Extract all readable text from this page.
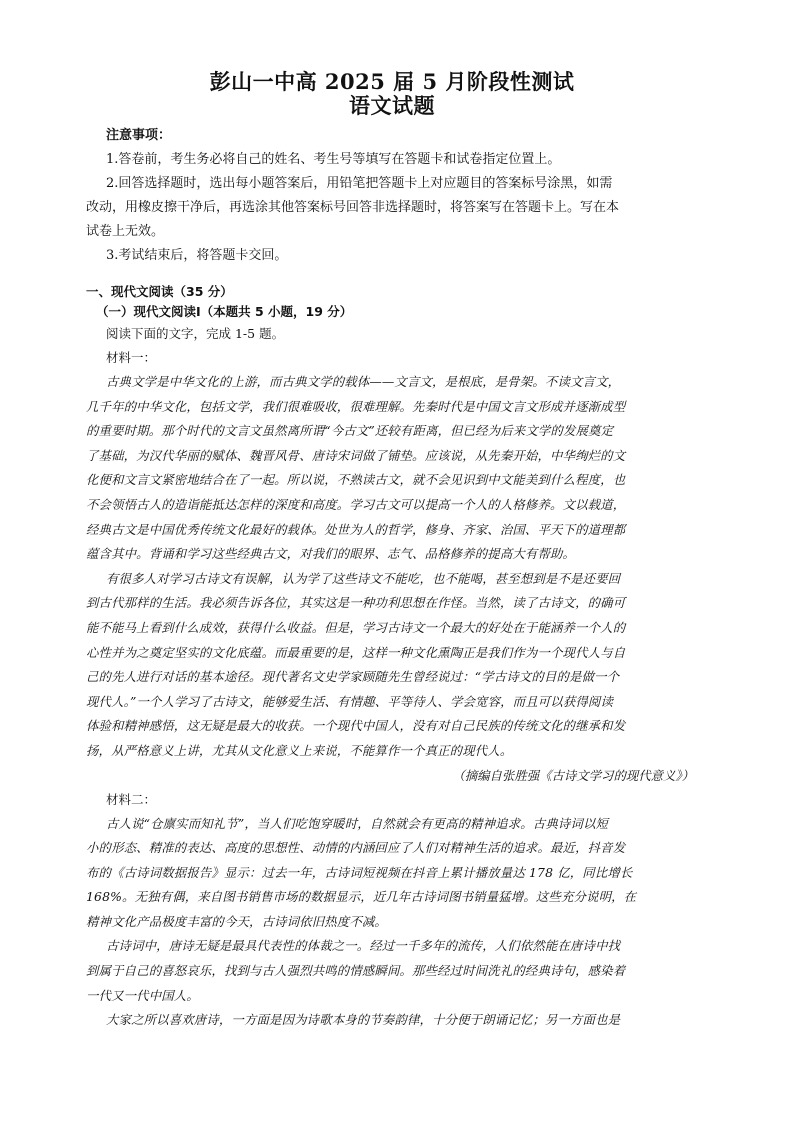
彭山一中高 2025 届 5 月阶段性测试

语文试题

注意事项：

1.答卷前，考生务必将自己的姓名、考生号等填写在答题卡和试卷指定位置上。

2.回答选择题时，选出每小题答案后，用铅笔把答题卡上对应题目的答案标号涂黑，如需

改动，用橡皮擦干净后，再选涂其他答案标号回答非选择题时，将答案写在答题卡上。写在本

试卷上无效。

3.考试结束后，将答题卡交回。

一、现代文阅读（35 分）

（一）现代文阅读Ⅰ（本题共 5 小题，19 分）

阅读下面的文字，完成 1-5 题。

材料一：

古典文学是中华文化的上游，而古典文学的载体——文言文，是根底，是骨架。不读文言文，

几千年的中华文化，包括文学，我们很难吸收，很难理解。先秦时代是中国文言文形成并逐渐成型

的重要时期。那个时代的文言文虽然离所谓“今古文”还较有距离，但已经为后来文学的发展奠定

了基础，为汉代华丽的赋体、魏晋风骨、唐诗宋词做了铺垫。应该说，从先秦开始，中华绚烂的文

化便和文言文紧密地结合在了一起。所以说，不熟读古文，就不会见识到中文能美到什么程度，也

不会领悟古人的造诣能抵达怎样的深度和高度。学习古文可以提高一个人的人格修养。文以载道，

经典古文是中国优秀传统文化最好的载体。处世为人的哲学，修身、齐家、治国、平天下的道理都

蕴含其中。背诵和学习这些经典古文，对我们的眼界、志气、品格修养的提高大有帮助。

有很多人对学习古诗文有误解，认为学了这些诗文不能吃，也不能喝，甚至想到是不是还要回

到古代那样的生活。我必须告诉各位，其实这是一种功利思想在作怪。当然，读了古诗文，的确可

能不能马上看到什么成效，获得什么收益。但是，学习古诗文一个最大的好处在于能涵养一个人的

心性并为之奠定坚实的文化底蕴。而最重要的是，这样一种文化熏陶正是我们作为一个现代人与自

己的先人进行对话的基本途径。现代著名文史学家顾随先生曾经说过：“学古诗文的目的是做一个

现代人。”一个人学习了古诗文，能够爱生活、有情趣、平等待人、学会宽容，而且可以获得阅读

体验和精神感悟，这无疑是最大的收获。一个现代中国人，没有对自己民族的传统文化的继承和发

扬，从严格意义上讲，尤其从文化意义上来说，不能算作一个真正的现代人。

（摘编自张胜强《古诗文学习的现代意义》）

材料二：

古人说“仓廪实而知礼节”，当人们吃饱穿暖时，自然就会有更高的精神追求。古典诗词以短

小的形态、精准的表达、高度的思想性、动情的内涵回应了人们对精神生活的追求。最近，抖音发

布的《古诗词数据报告》显示：过去一年，古诗词短视频在抖音上累计播放量达 178 亿，同比增长

168%。无独有偶，来自图书销售市场的数据显示，近几年古诗词图书销量猛增。这些充分说明，在

精神文化产品极度丰富的今天，古诗词依旧热度不减。

古诗词中，唐诗无疑是最具代表性的体裁之一。经过一千多年的流传，人们依然能在唐诗中找

到属于自己的喜怒哀乐，找到与古人强烈共鸣的情感瞬间。那些经过时间洗礼的经典诗句，感染着

一代又一代中国人。

大家之所以喜欢唐诗，一方面是因为诗歌本身的节奏韵律，十分便于朗诵记忆；另一方面也是
